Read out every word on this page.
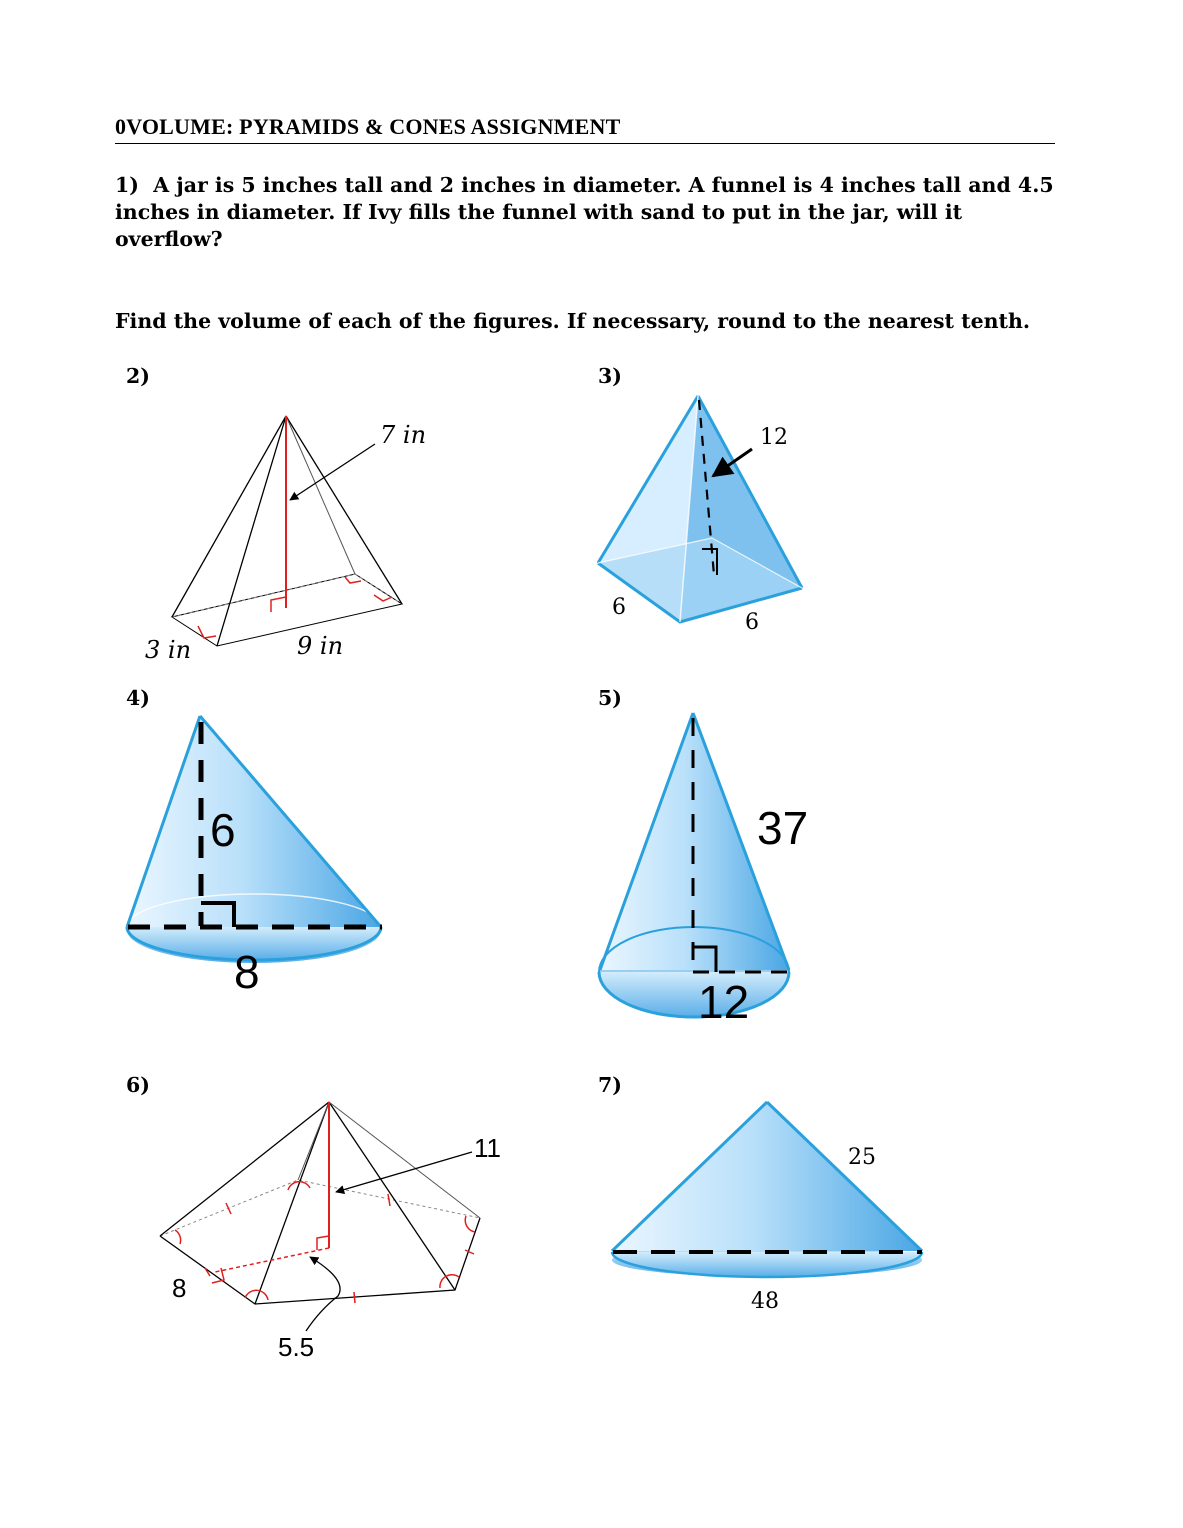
0VOLUME: PYRAMIDS & CONES ASSIGNMENT
1) A jar is 5 inches tall and 2 inches in diameter. A funnel is 4 inches tall and 4.5 inches in diameter. If Ivy fills the funnel with sand to put in the jar, will it overflow?
Find the volume of each of the figures. If necessary, round to the nearest tenth.
2)	3)
4)	5)
6)	7)
7 in
3 in	9 in
12
6
6
6
8
37
12
11
8
5.5
25
48
